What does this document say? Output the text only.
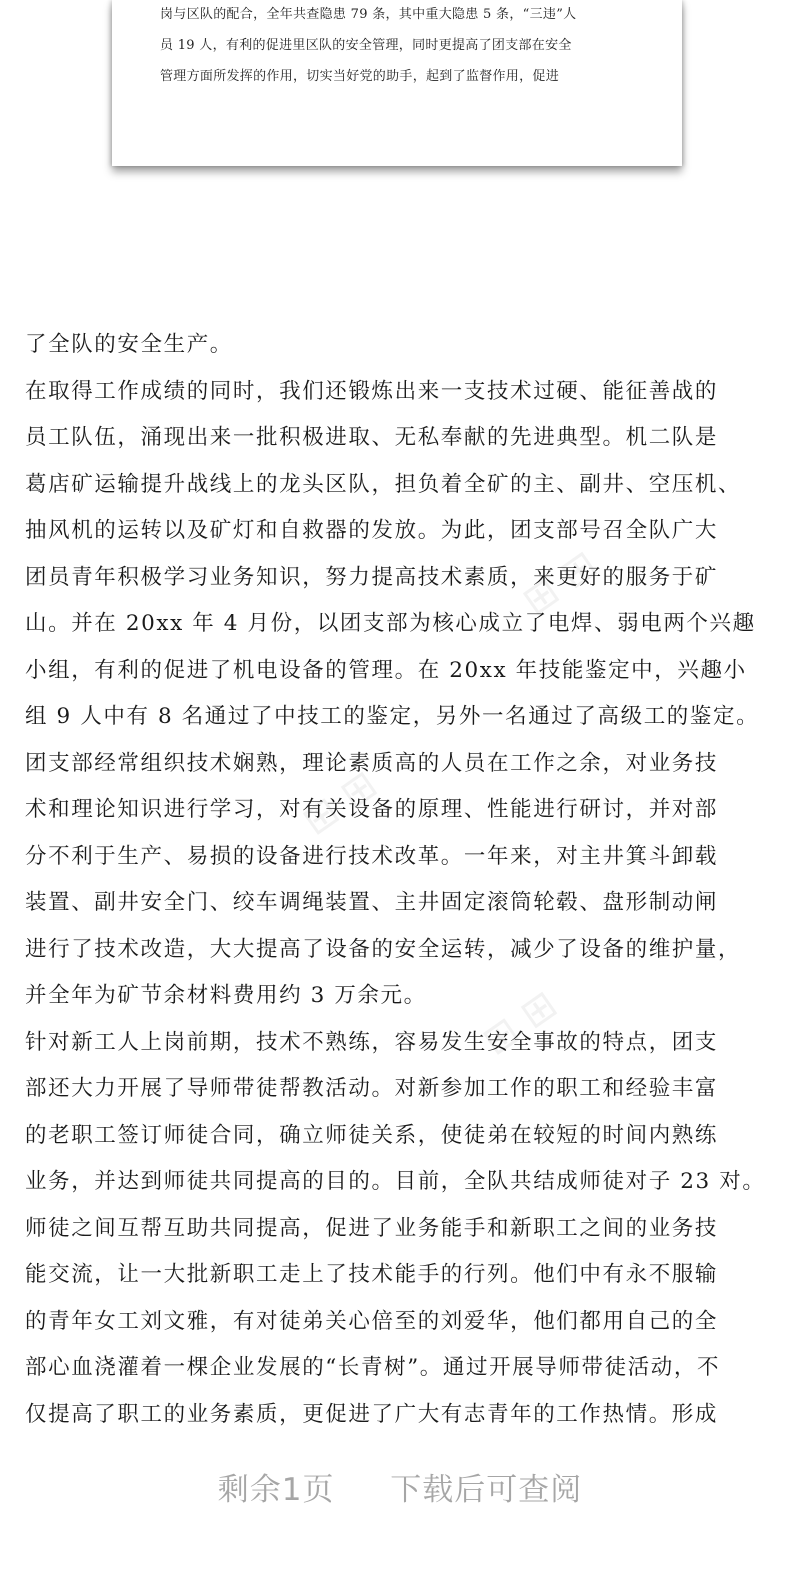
岗与区队的配合，全年共查隐患 79 条，其中重大隐患 5 条，“三违”人
员 19 人，有利的促进里区队的安全管理，同时更提高了团支部在安全
管理方面所发挥的作用，切实当好党的助手，起到了监督作用，促进
⊞ ⊞
⊞ ⊞
⊞ ⊞
了全队的安全生产。
在取得工作成绩的同时，我们还锻炼出来一支技术过硬、能征善战的
员工队伍，涌现出来一批积极进取、无私奉献的先进典型。机二队是
葛店矿运输提升战线上的龙头区队，担负着全矿的主、副井、空压机、
抽风机的运转以及矿灯和自救器的发放。为此，团支部号召全队广大
团员青年积极学习业务知识，努力提高技术素质，来更好的服务于矿
山。并在 20xx 年 4 月份，以团支部为核心成立了电焊、弱电两个兴趣
小组，有利的促进了机电设备的管理。在 20xx 年技能鉴定中，兴趣小
组 9 人中有 8 名通过了中技工的鉴定，另外一名通过了高级工的鉴定。
团支部经常组织技术娴熟，理论素质高的人员在工作之余，对业务技
术和理论知识进行学习，对有关设备的原理、性能进行研讨，并对部
分不利于生产、易损的设备进行技术改革。一年来，对主井箕斗卸载
装置、副井安全门、绞车调绳装置、主井固定滚筒轮毂、盘形制动闸
进行了技术改造，大大提高了设备的安全运转，减少了设备的维护量，
并全年为矿节余材料费用约 3 万余元。
针对新工人上岗前期，技术不熟练，容易发生安全事故的特点，团支
部还大力开展了导师带徒帮教活动。对新参加工作的职工和经验丰富
的老职工签订师徒合同，确立师徒关系，使徒弟在较短的时间内熟练
业务，并达到师徒共同提高的目的。目前，全队共结成师徒对子 23 对。
师徒之间互帮互助共同提高，促进了业务能手和新职工之间的业务技
能交流，让一大批新职工走上了技术能手的行列。他们中有永不服输
的青年女工刘文雅，有对徒弟关心倍至的刘爱华，他们都用自己的全
部心血浇灌着一棵企业发展的“长青树”。通过开展导师带徒活动，不
仅提高了职工的业务素质，更促进了广大有志青年的工作热情。形成
剩余1页 下载后可查阅
